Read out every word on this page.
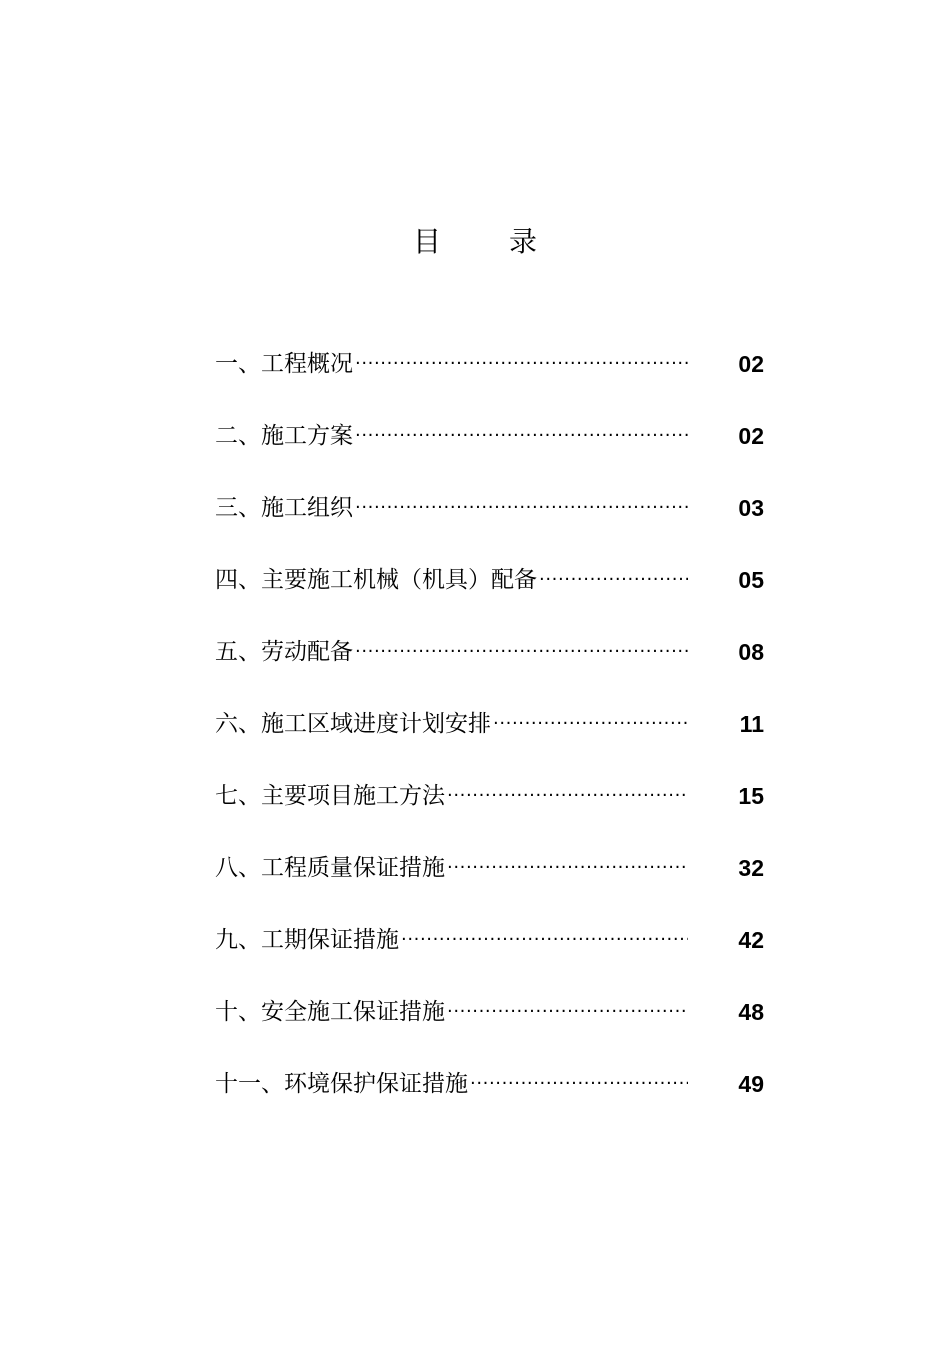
目 录
一、工程概况 ·····	02
二、施工方案 ·····	02
三、施工组织 ·····	03
四、主要施工机械（机具）配备 ·····	05
五、劳动配备 ·····	08
六、施工区域进度计划安排 ·····	11
七、主要项目施工方法 ·····	15
八、工程质量保证措施 ·····	32
九、工期保证措施 ·····	42
十、安全施工保证措施 ·····	48
十一、环境保护保证措施 ·····	49
